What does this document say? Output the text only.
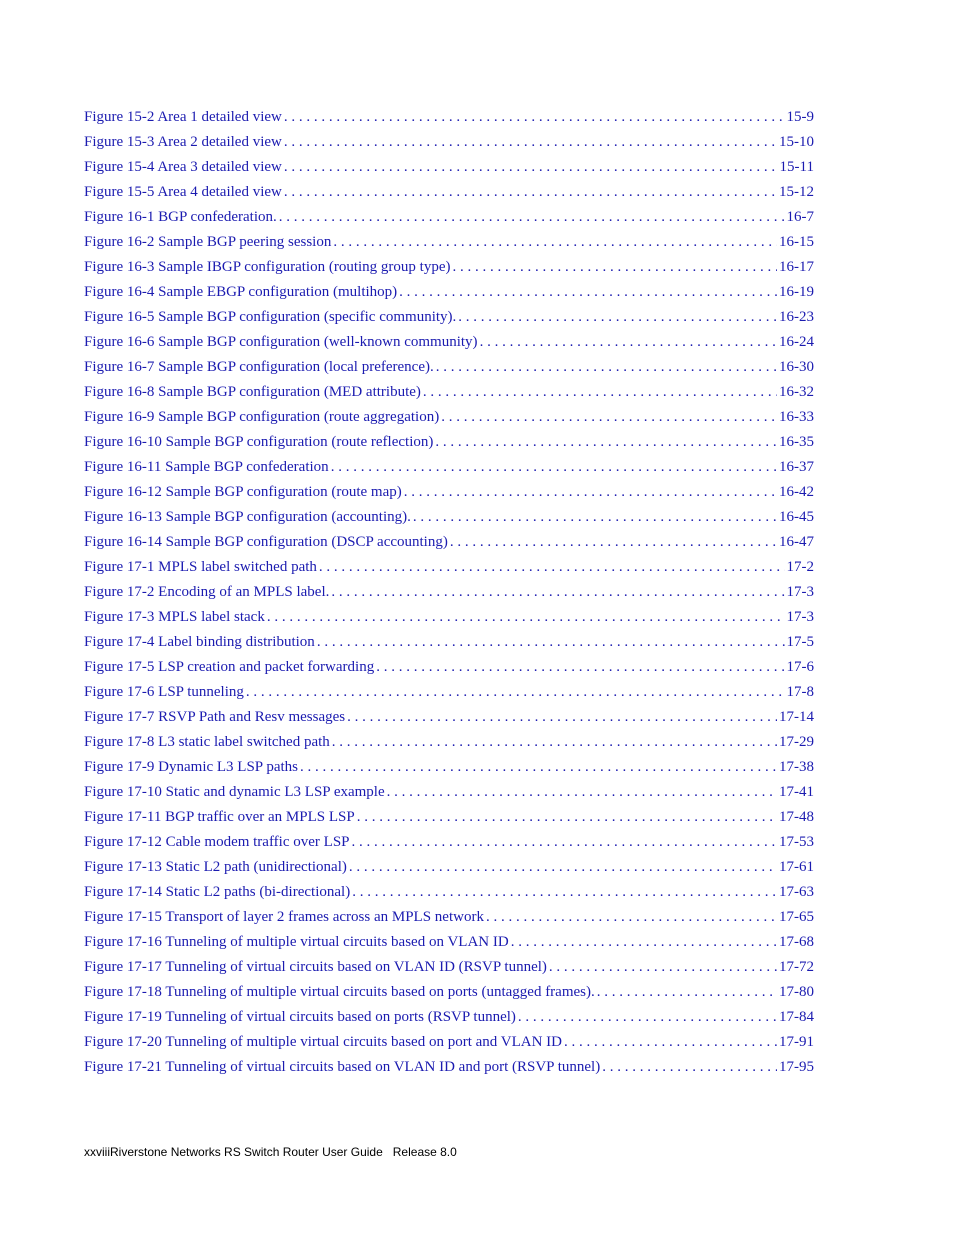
Figure 15-2 Area 1 detailed view . . .	15-9
Figure 15-3 Area 2 detailed view . . .	15-10
Figure 15-4 Area 3 detailed view . . .	15-11
Figure 15-5 Area 4 detailed view . . .	15-12
Figure 16-1 BGP confederation. . . .	16-7
Figure 16-2 Sample BGP peering session . . .	16-15
Figure 16-3 Sample IBGP configuration (routing group type) . . .	16-17
Figure 16-4 Sample EBGP configuration (multihop) . . .	16-19
Figure 16-5 Sample BGP configuration (specific community). . . .	16-23
Figure 16-6 Sample BGP configuration (well-known community) . . .	16-24
Figure 16-7 Sample BGP configuration (local preference). . . .	16-30
Figure 16-8 Sample BGP configuration (MED attribute) . . .	16-32
Figure 16-9 Sample BGP configuration (route aggregation) . . .	16-33
Figure 16-10 Sample BGP configuration (route reflection) . . .	16-35
Figure 16-11 Sample BGP confederation . . .	16-37
Figure 16-12 Sample BGP configuration (route map) . . .	16-42
Figure 16-13 Sample BGP configuration (accounting). . . .	16-45
Figure 16-14 Sample BGP configuration (DSCP accounting) . . .	16-47
Figure 17-1 MPLS label switched path . . .	17-2
Figure 17-2 Encoding of an MPLS label. . . .	17-3
Figure 17-3 MPLS label stack . . .	17-3
Figure 17-4 Label binding distribution . . .	17-5
Figure 17-5 LSP creation and packet forwarding . . .	17-6
Figure 17-6 LSP tunneling . . .	17-8
Figure 17-7 RSVP Path and Resv messages . . .	17-14
Figure 17-8 L3 static label switched path . . .	17-29
Figure 17-9 Dynamic L3 LSP paths . . .	17-38
Figure 17-10 Static and dynamic L3 LSP example . . .	17-41
Figure 17-11 BGP traffic over an MPLS LSP . . .	17-48
Figure 17-12 Cable modem traffic over LSP . . .	17-53
Figure 17-13 Static L2 path (unidirectional) . . .	17-61
Figure 17-14 Static L2 paths (bi-directional) . . .	17-63
Figure 17-15 Transport of layer 2 frames across an MPLS network . . .	17-65
Figure 17-16 Tunneling of multiple virtual circuits based on VLAN ID . . .	17-68
Figure 17-17 Tunneling of virtual circuits based on VLAN ID (RSVP tunnel) . . .	17-72
Figure 17-18 Tunneling of multiple virtual circuits based on ports (untagged frames). . . .	17-80
Figure 17-19 Tunneling of virtual circuits based on ports (RSVP tunnel) . . .	17-84
Figure 17-20 Tunneling of multiple virtual circuits based on port and VLAN ID . . .	17-91
Figure 17-21 Tunneling of virtual circuits based on VLAN ID and port (RSVP tunnel) . . .	17-95
xxviiiRiverstone Networks RS Switch Router User Guide   Release 8.0
